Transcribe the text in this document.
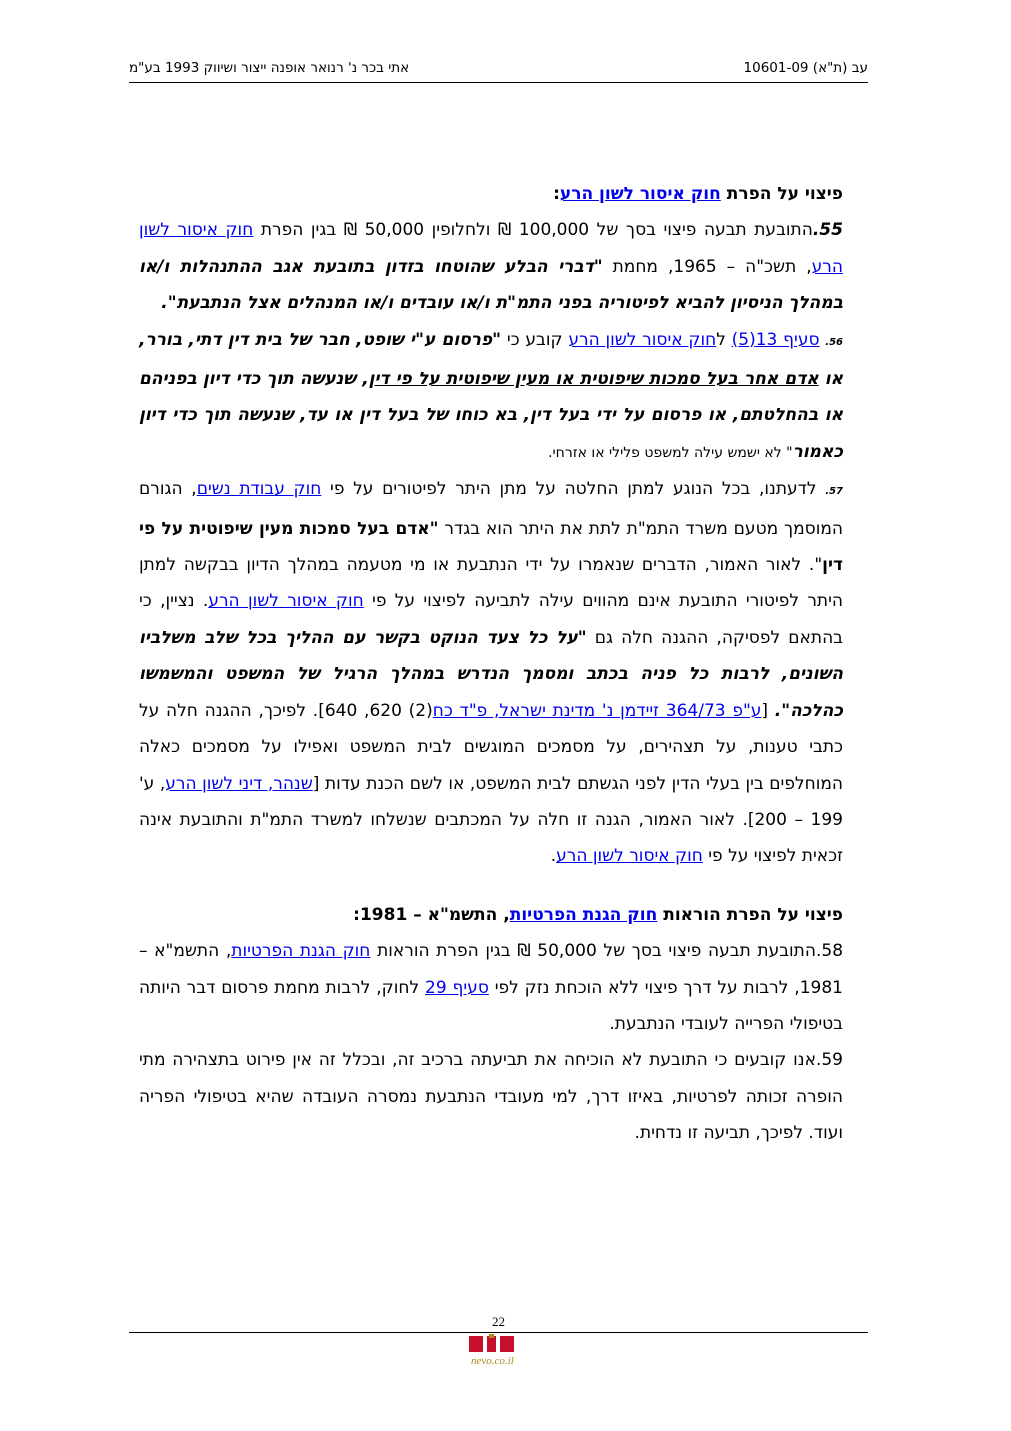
עב (ת"א) 10601-09
אתי בכר נ' רנואר אופנה ייצור ושיווק 1993 בע"מ

פיצוי על הפרת חוק איסור לשון הרע:

55.התובעת תבעה פיצוי בסך של 100,000 ₪ ולחלופין 50,000 ₪ בגין הפרת חוק איסור לשון הרע, תשכ"ה – 1965, מחמת "דברי הבלע שהוטחו בזדון בתובעת אגב ההתנהלות ו/או במהלך הניסיון להביא לפיטוריה בפני התמ"ת ו/או עובדים ו/או המנהלים אצל הנתבעת".

56. סעיף 13(5) לחוק איסור לשון הרע קובע כי "פרסום ע"י שופט, חבר של בית דין דתי, בורר, או אדם אחר בעל סמכות שיפוטית או מעין שיפוטית על פי דין, שנעשה תוך כדי דיון בפניהם או בהחלטתם, או פרסום על ידי בעל דין, בא כוחו של בעל דין או עד, שנעשה תוך כדי דיון כאמור" לא ישמש עילה למשפט פלילי או אזרחי.

57. לדעתנו, בכל הנוגע למתן החלטה על מתן היתר לפיטורים על פי חוק עבודת נשים, הגורם המוסמך מטעם משרד התמ"ת לתת את היתר הוא בגדר "אדם בעל סמכות מעין שיפוטית על פי דין". לאור האמור, הדברים שנאמרו על ידי הנתבעת או מי מטעמה במהלך הדיון בבקשה למתן היתר לפיטורי התובעת אינם מהווים עילה לתביעה לפיצוי על פי חוק איסור לשון הרע. נציין, כי בהתאם לפסיקה, ההגנה חלה גם "על כל צעד הנוקט בקשר עם ההליך בכל שלב משלביו השונים, לרבות כל פניה בכתב ומסמך הנדרש במהלך הרגיל של המשפט והמשמשו כהלכה". [ע"פ 364/73 זיידמן נ' מדינת ישראל, פ"ד כח(2) 620, 640]. לפיכך, ההגנה חלה על כתבי טענות, על תצהירים, על מסמכים המוגשים לבית המשפט ואפילו על מסמכים כאלה המוחלפים בין בעלי הדין לפני הגשתם לבית המשפט, או לשם הכנת עדות [שנהר, דיני לשון הרע, ע' 199 – 200]. לאור האמור, הגנה זו חלה על המכתבים שנשלחו למשרד התמ"ת והתובעת אינה זכאית לפיצוי על פי חוק איסור לשון הרע.

פיצוי על הפרת הוראות חוק הגנת הפרטיות, התשמ"א – 1981:

58.התובעת תבעה פיצוי בסך של 50,000 ₪ בגין הפרת הוראות חוק הגנת הפרטיות, התשמ"א – 1981, לרבות על דרך פיצוי ללא הוכחת נזק לפי סעיף 29 לחוק, לרבות מחמת פרסום דבר היותה בטיפולי הפרייה לעובדי הנתבעת.

59.אנו קובעים כי התובעת לא הוכיחה את תביעתה ברכיב זה, ובכלל זה אין פירוט בתצהירה מתי הופרה זכותה לפרטיות, באיזו דרך, למי מעובדי הנתבעת נמסרה העובדה שהיא בטיפולי הפריה ועוד. לפיכך, תביעה זו נדחית.

22
nevo.co.il
